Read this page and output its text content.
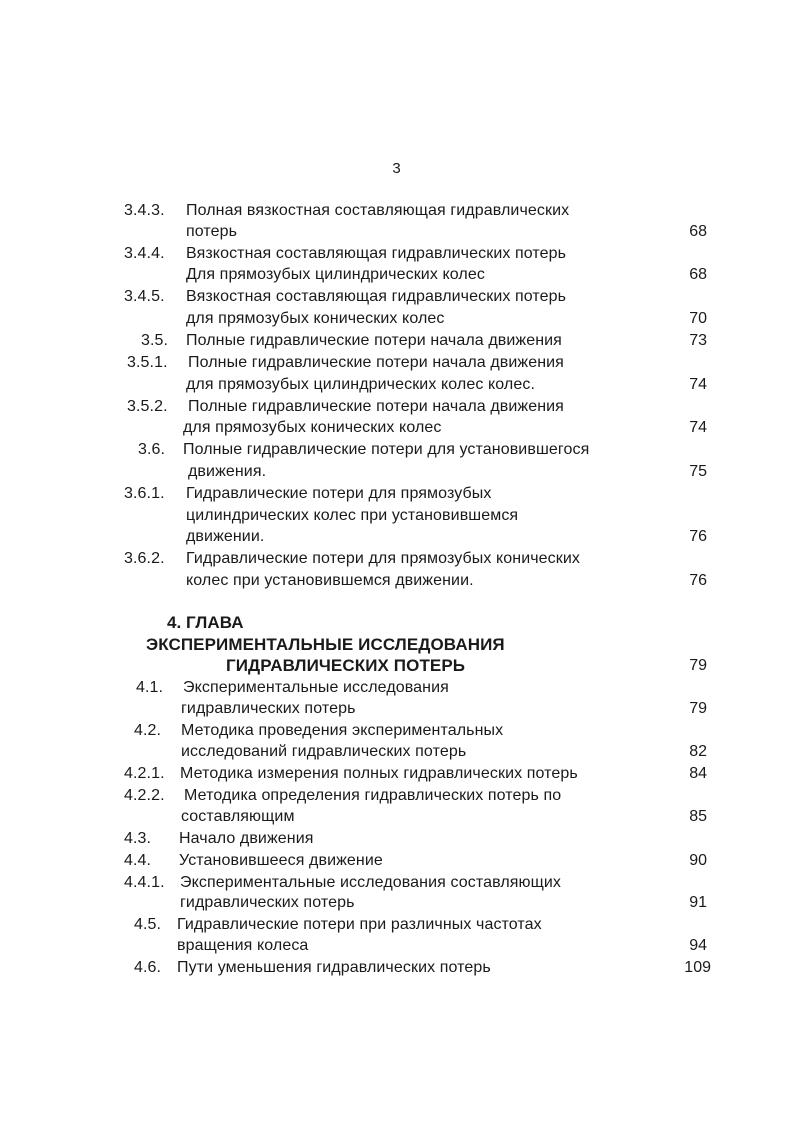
3
3.4.3. Полная вязкостная составляющая гидравлических
потерь	68
3.4.4. Вязкостная составляющая гидравлических потерь
Для прямозубых цилиндрических колес	68
3.4.5. Вязкостная составляющая гидравлических потерь
для прямозубых конических колес	70
3.5. Полные гидравлические потери начала движения	73
3.5.1. Полные гидравлические потери начала движения
для прямозубых цилиндрических колес колес.	74
3.5.2. Полные гидравлические потери начала движения
для прямозубых конических колес	74
3.6. Полные гидравлические потери для установившегося
движения.	75
3.6.1. Гидравлические потери для прямозубых
цилиндрических колес при установившемся
движении.	76
3.6.2. Гидравлические потери для прямозубых конических
колес при установившемся движении.	76
4. ГЛАВА
ЭКСПЕРИМЕНТАЛЬНЫЕ ИССЛЕДОВАНИЯ
ГИДРАВЛИЧЕСКИХ ПОТЕРЬ	79
4.1. Экспериментальные исследования
гидравлических потерь	79
4.2. Методика проведения экспериментальных
исследований гидравлических потерь	82
4.2.1. Методика измерения полных гидравлических потерь	84
4.2.2. Методика определения гидравлических потерь по
составляющим	85
4.3. Начало движения
4.4. Установившееся движение	90
4.4.1. Экспериментальные исследования составляющих
гидравлических потерь	91
4.5. Гидравлические потери при различных частотах
вращения колеса	94
4.6. Пути уменьшения гидравлических потерь	109
